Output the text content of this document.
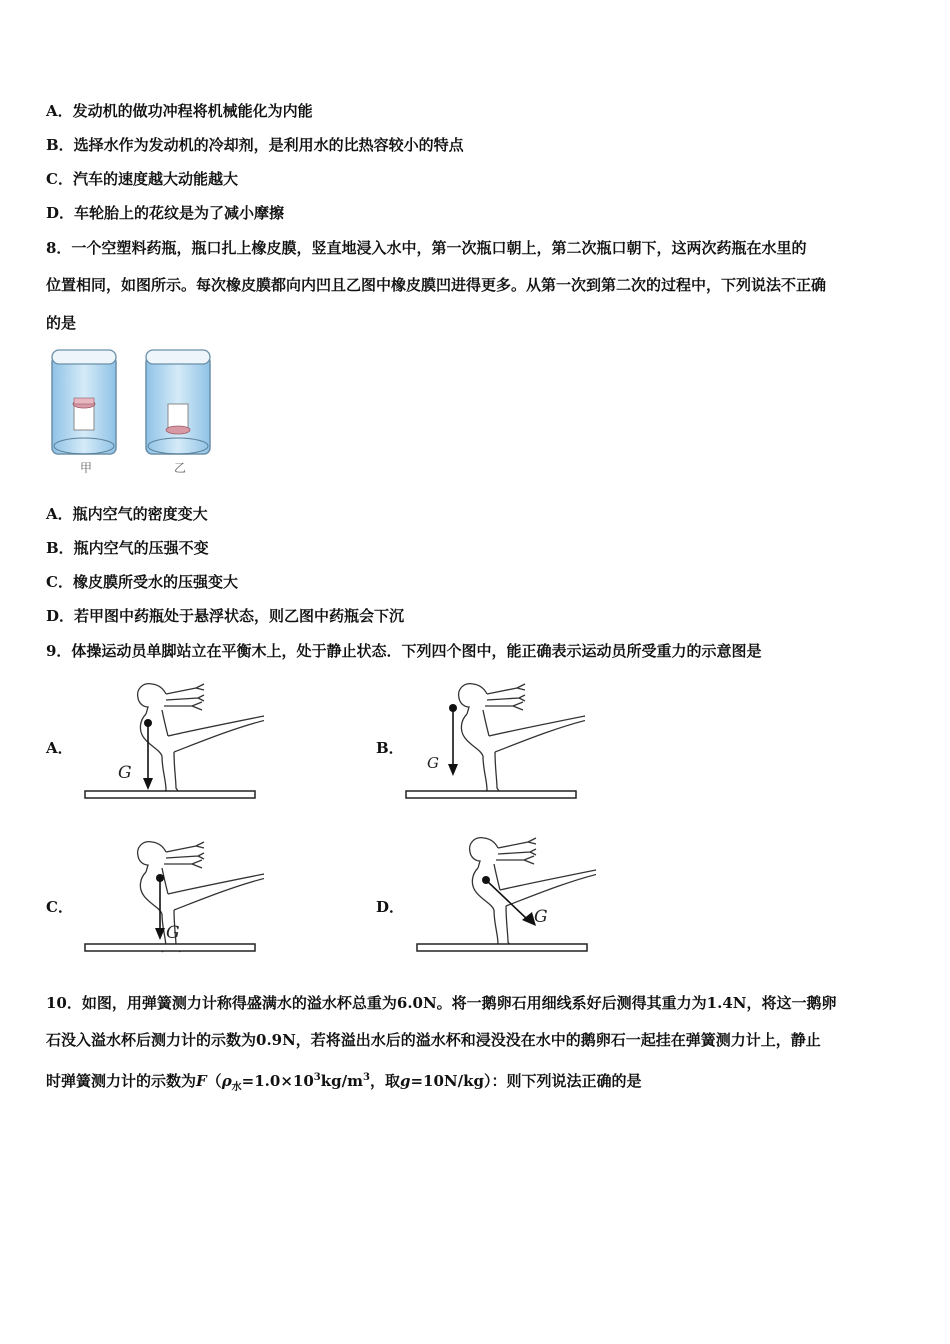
A．发动机的做功冲程将机械能化为内能
B．选择水作为发动机的冷却剂，是利用水的比热容较小的特点
C．汽车的速度越大动能越大
D．车轮胎上的花纹是为了减小摩擦
8．一个空塑料药瓶，瓶口扎上橡皮膜，竖直地浸入水中，第一次瓶口朝上，第二次瓶口朝下，这两次药瓶在水里的
位置相同，如图所示。每次橡皮膜都向内凹且乙图中橡皮膜凹进得更多。从第一次到第二次的过程中，下列说法不正确
的是
甲	乙
A．瓶内空气的密度变大
B．瓶内空气的压强不变
C．橡皮膜所受水的压强变大
D．若甲图中药瓶处于悬浮状态，则乙图中药瓶会下沉
9．体操运动员单脚站立在平衡木上，处于静止状态．下列四个图中，能正确表示运动员所受重力的示意图是
A．	B．
C．	D．
G	G
G
G
10．如图，用弹簧测力计称得盛满水的溢水杯总重为6.0N。将一鹅卵石用细线系好后测得其重力为1.4N，将这一鹅卵
石没入溢水杯后测力计的示数为0.9N，若将溢出水后的溢水杯和浸没没在水中的鹅卵石一起挂在弹簧测力计上，静止
时弹簧测力计的示数为$F(\rho_水=1.0\times 10^3kg/m^3$，取g=10N/kg）：则下列说法正确的是
